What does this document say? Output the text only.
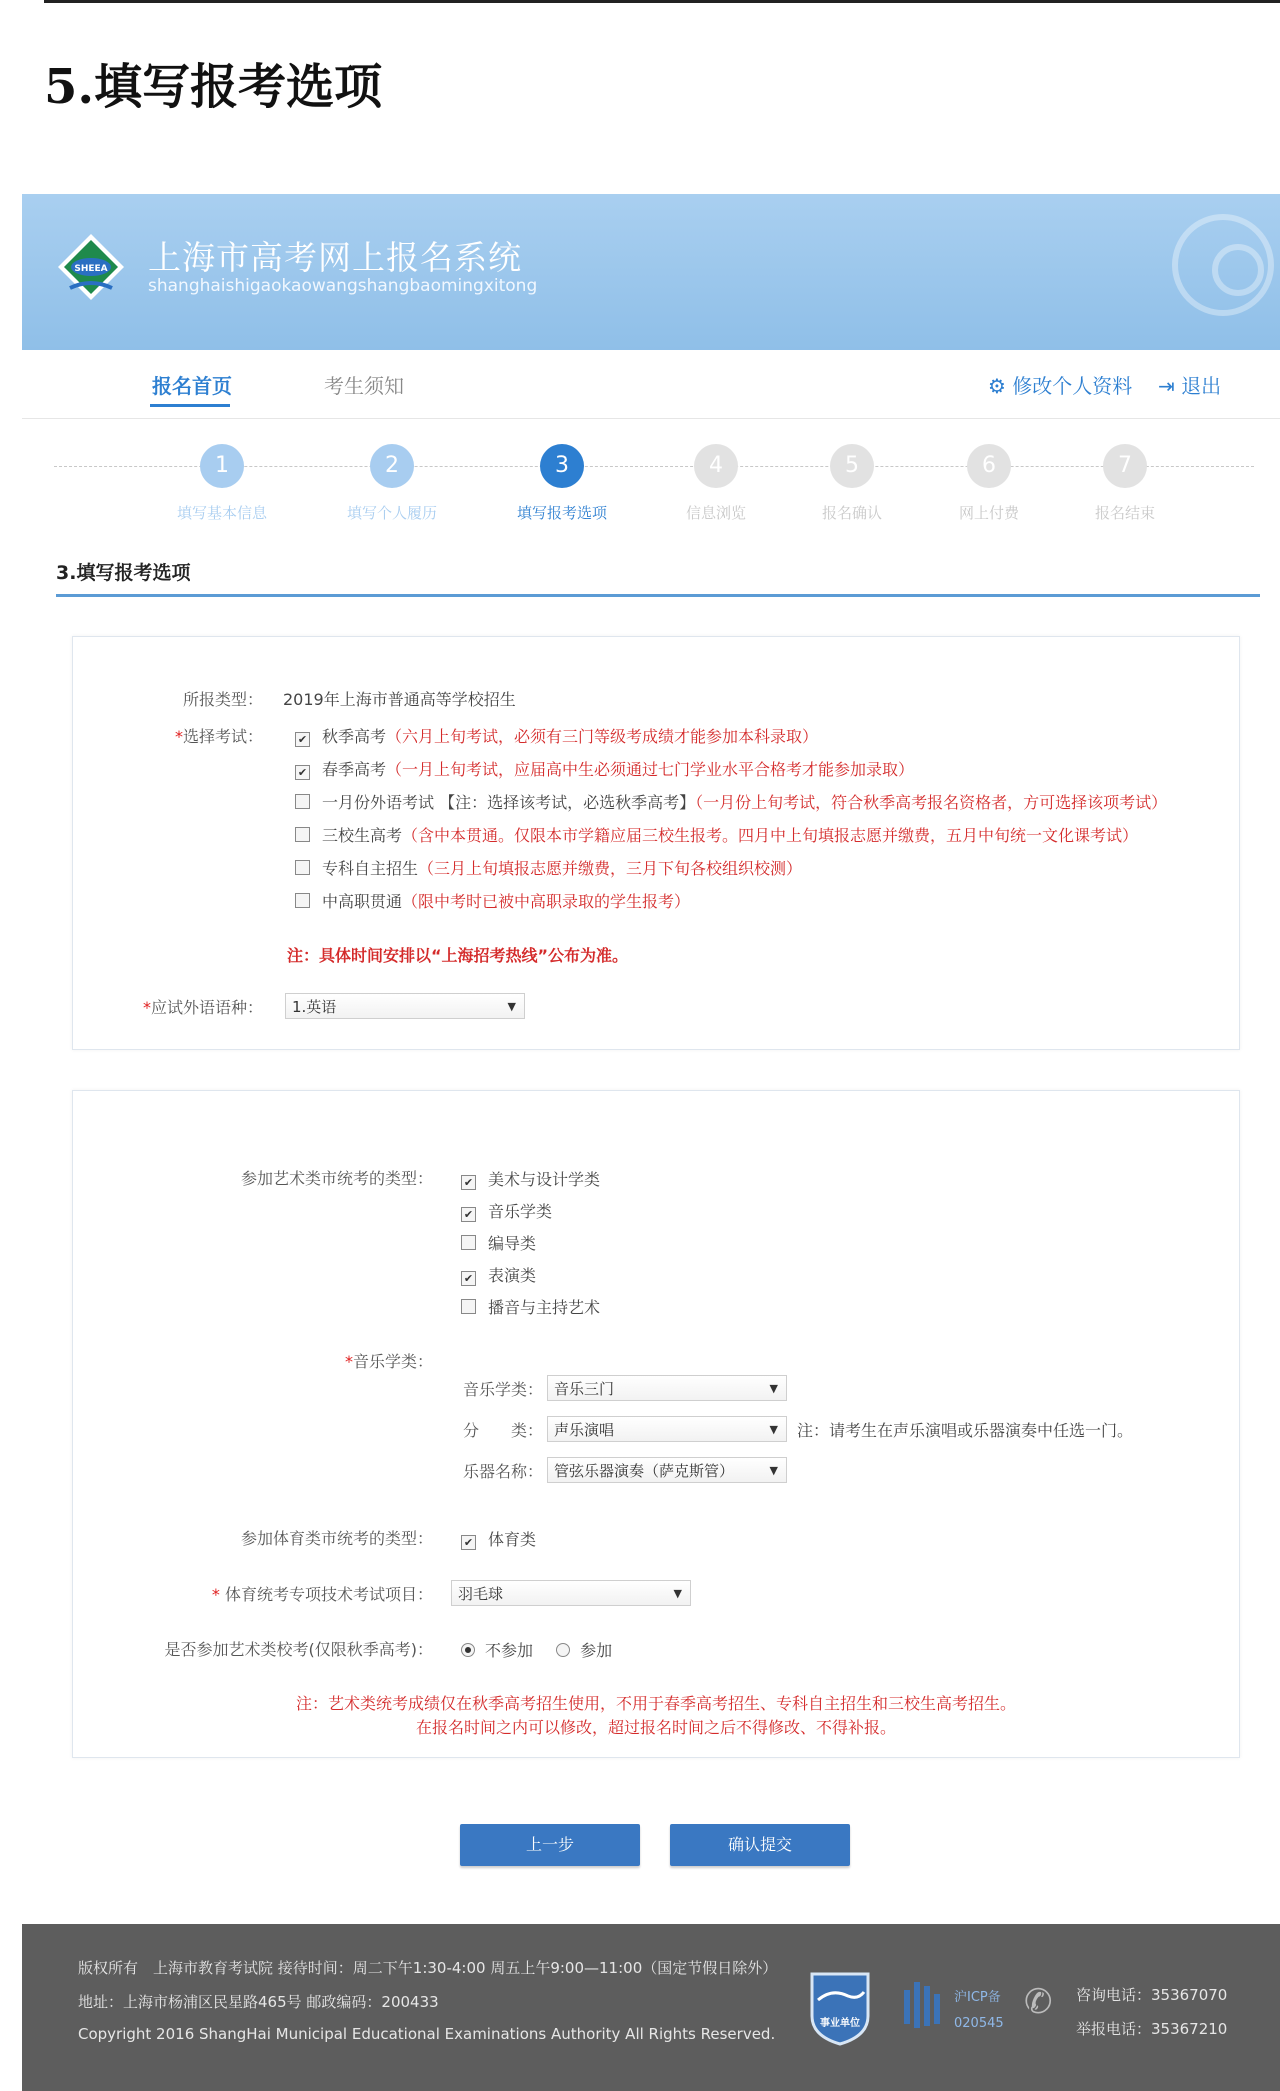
5.填写报考选项
SHEEA 上海市高考网上报名系统
shanghaishigaokaowangshangbaomingxitong
报名首页	考生须知	⚙ 修改个人资料 ⇥ 退出
1
填写基本信息
2
填写个人履历
3
填写报考选项
4
信息浏览
5
报名确认
6
网上付费
7
报名结束
3.填写报考选项
所报类型： 2019年上海市普通高等学校招生
*选择考试：	✔ 秋季高考（六月上旬考试，必须有三门等级考成绩才能参加本科录取）
✔ 春季高考（一月上旬考试，应届高中生必须通过七门学业水平合格考才能参加录取）
一月份外语考试 【注：选择该考试，必选秋季高考】（一月份上旬考试，符合秋季高考报名资格者，方可选择该项考试）
三校生高考（含中本贯通。仅限本市学籍应届三校生报考。四月中上旬填报志愿并缴费，五月中旬统一文化课考试）
专科自主招生（三月上旬填报志愿并缴费，三月下旬各校组织校测）
中高职贯通（限中考时已被中高职录取的学生报考）
注：具体时间安排以“上海招考热线”公布为准。
*应试外语语种：	1.英语	▼
参加艺术类市统考的类型：	✔ 美术与设计学类
✔ 音乐学类
编导类
✔ 表演类
播音与主持艺术
*音乐学类：
音乐学类： 音乐三门	▼
分　　类： 声乐演唱	▼ 注：请考生在声乐演唱或乐器演奏中任选一门。
乐器名称： 管弦乐器演奏（萨克斯管）	▼
参加体育类市统考的类型：	✔ 体育类
* 体育统考专项技术考试项目：	羽毛球	▼
是否参加艺术类校考(仅限秋季高考)：	不参加	参加
注：艺术类统考成绩仅在秋季高考招生使用，不用于春季高考招生、专科自主招生和三校生高考招生。
在报名时间之内可以修改，超过报名时间之后不得修改、不得补报。
上一步	确认提交
版权所有　上海市教育考试院 接待时间：周二下午1:30-4:00 周五上午9:00—11:00（国定节假日除外）
地址：上海市杨浦区民星路465号 邮政编码：200433
Copyright 2016 ShangHai Municipal Educational Examinations Authority All Rights Reserved.
事业单位
沪ICP备
020545
✆ 咨询电话：35367070
举报电话：35367210
